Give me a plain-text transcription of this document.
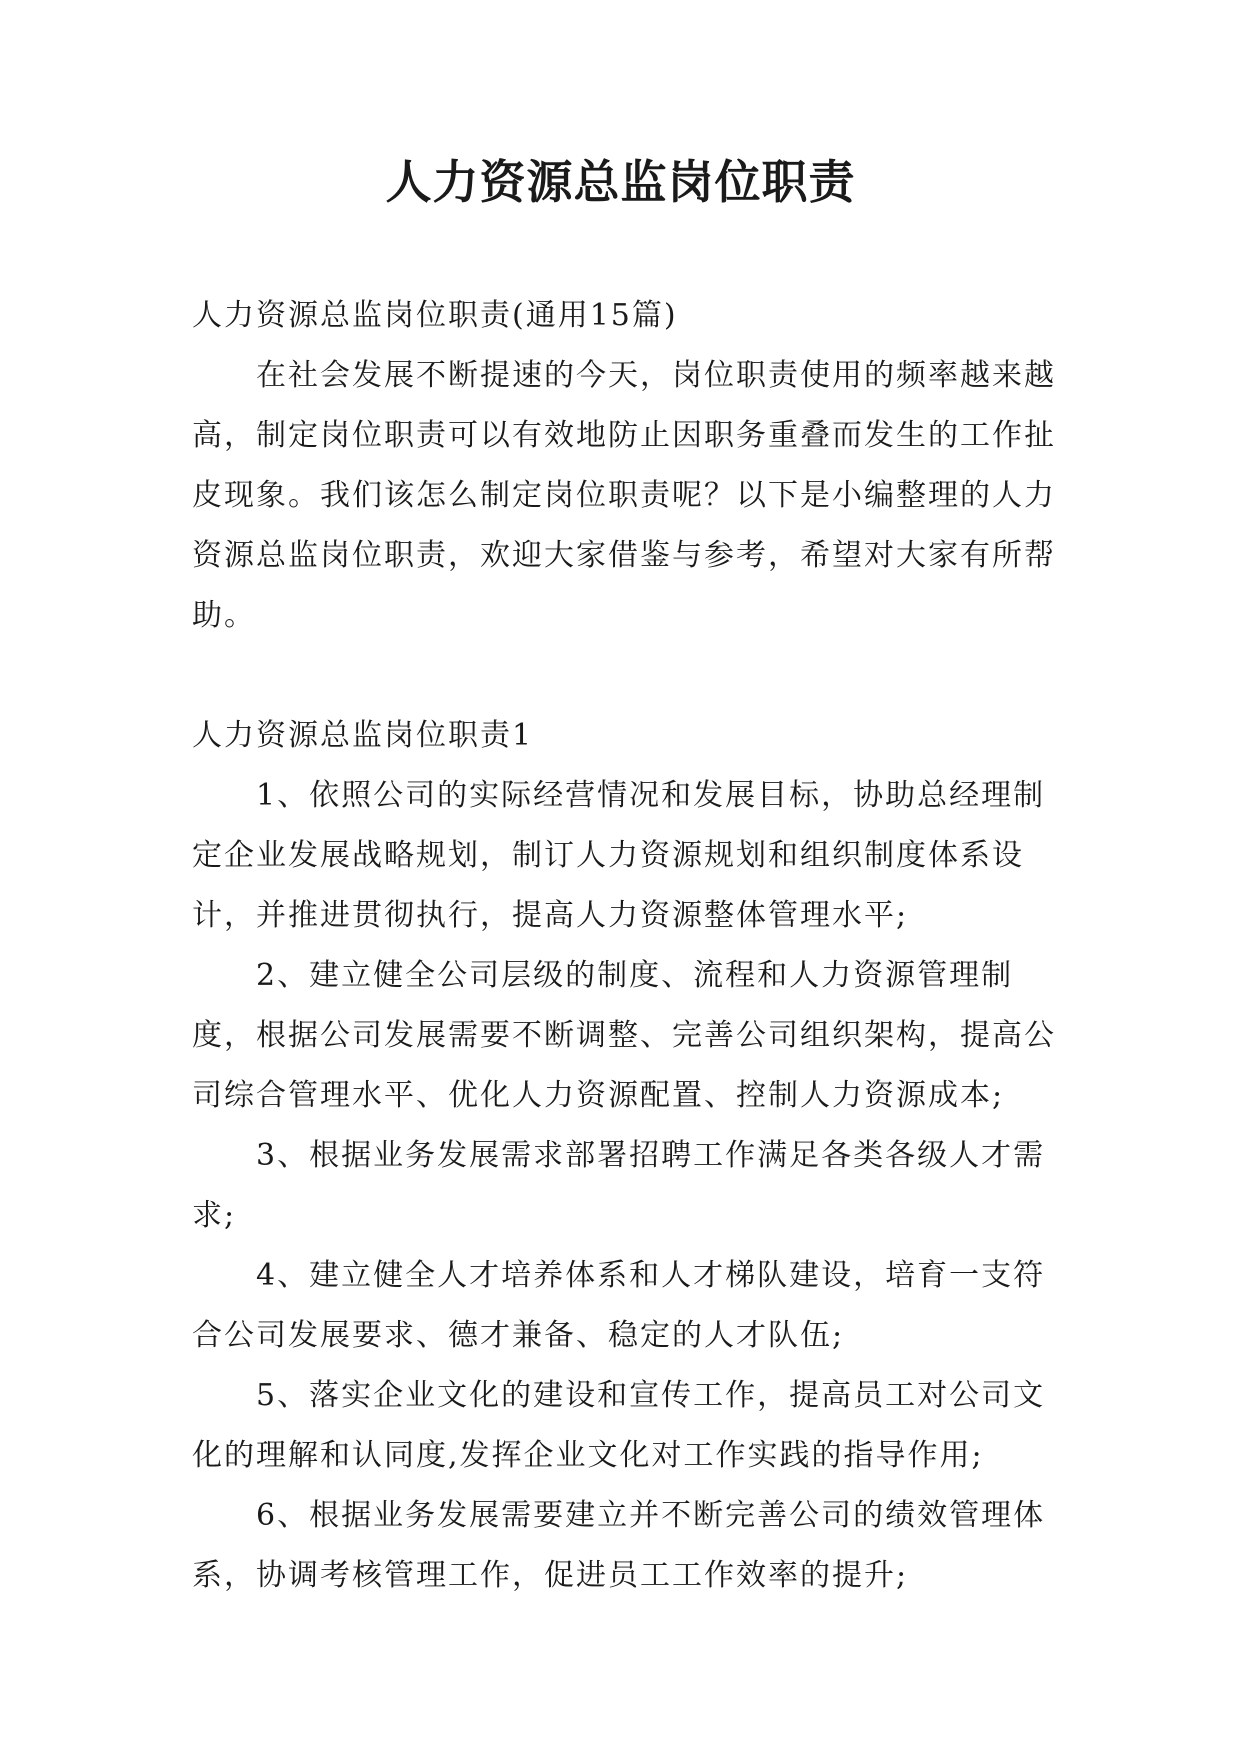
人力资源总监岗位职责

人力资源总监岗位职责(通用15篇)

在社会发展不断提速的今天，岗位职责使用的频率越来越高，制定岗位职责可以有效地防止因职务重叠而发生的工作扯皮现象。我们该怎么制定岗位职责呢？以下是小编整理的人力资源总监岗位职责，欢迎大家借鉴与参考，希望对大家有所帮助。

人力资源总监岗位职责1

1、依照公司的实际经营情况和发展目标，协助总经理制定企业发展战略规划，制订人力资源规划和组织制度体系设计，并推进贯彻执行，提高人力资源整体管理水平;

2、建立健全公司层级的制度、流程和人力资源管理制度，根据公司发展需要不断调整、完善公司组织架构，提高公司综合管理水平、优化人力资源配置、控制人力资源成本;

3、根据业务发展需求部署招聘工作满足各类各级人才需求;

4、建立健全人才培养体系和人才梯队建设，培育一支符合公司发展要求、德才兼备、稳定的人才队伍;

5、落实企业文化的建设和宣传工作，提高员工对公司文化的理解和认同度,发挥企业文化对工作实践的指导作用;

6、根据业务发展需要建立并不断完善公司的绩效管理体系，协调考核管理工作，促进员工工作效率的提升;
